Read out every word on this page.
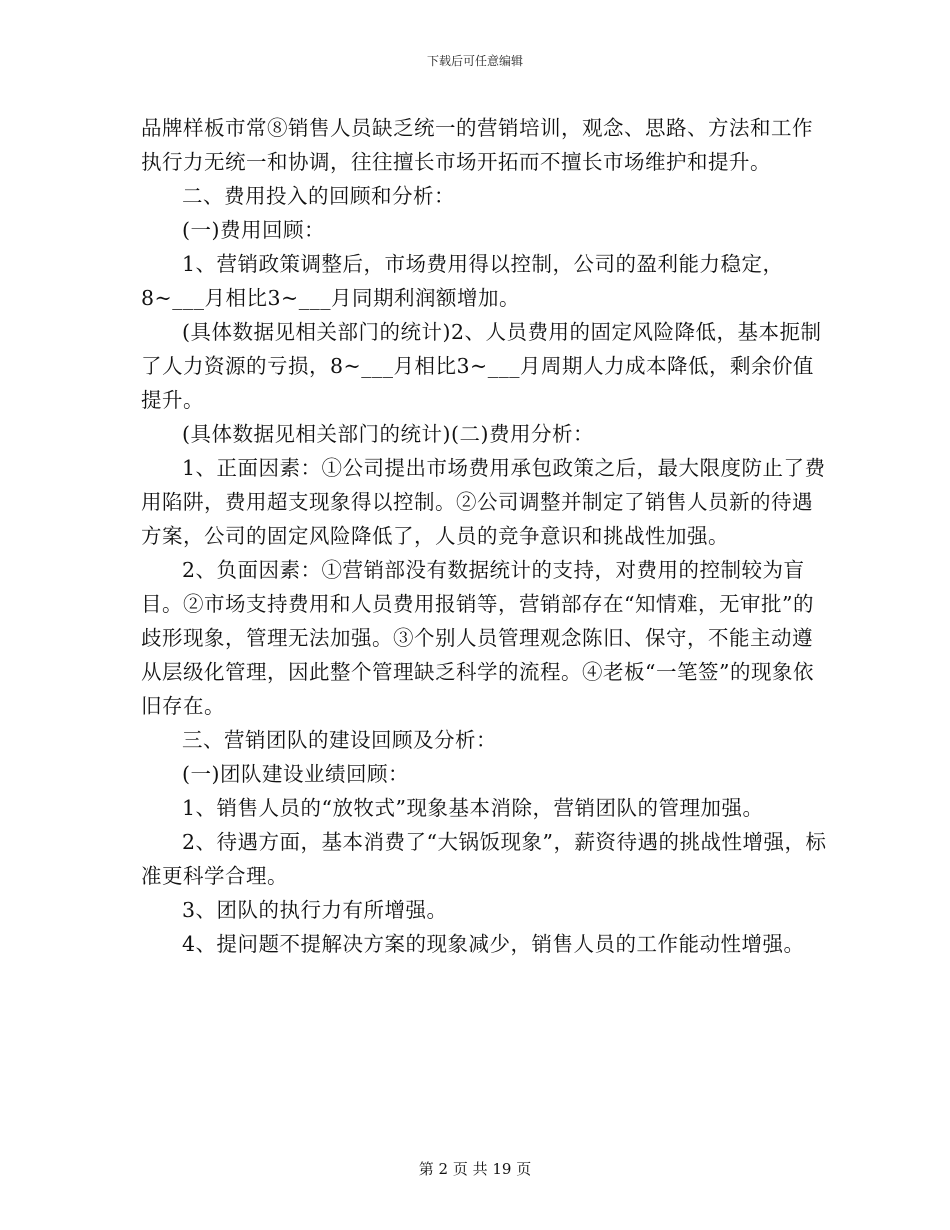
下载后可任意编辑

品牌样板市常⑧销售人员缺乏统一的营销培训，观念、思路、方法和工作执行力无统一和协调，往往擅长市场开拓而不擅长市场维护和提升。

二、费用投入的回顾和分析：

(一)费用回顾：

1、营销政策调整后，市场费用得以控制，公司的盈利能力稳定，8~___月相比3~___月同期利润额增加。

(具体数据见相关部门的统计)2、人员费用的固定风险降低，基本扼制了人力资源的亏损，8~___月相比3~___月周期人力成本降低，剩余价值提升。

(具体数据见相关部门的统计)(二)费用分析：

1、正面因素：①公司提出市场费用承包政策之后，最大限度防止了费用陷阱，费用超支现象得以控制。②公司调整并制定了销售人员新的待遇方案，公司的固定风险降低了，人员的竞争意识和挑战性加强。

2、负面因素：①营销部没有数据统计的支持，对费用的控制较为盲目。②市场支持费用和人员费用报销等，营销部存在“知情难，无审批”的歧形现象，管理无法加强。③个别人员管理观念陈旧、保守，不能主动遵从层级化管理，因此整个管理缺乏科学的流程。④老板“一笔签”的现象依旧存在。

三、营销团队的建设回顾及分析：

(一)团队建设业绩回顾：

1、销售人员的“放牧式”现象基本消除，营销团队的管理加强。

2、待遇方面，基本消费了“大锅饭现象”，薪资待遇的挑战性增强，标准更科学合理。

3、团队的执行力有所增强。

4、提问题不提解决方案的现象减少，销售人员的工作能动性增强。

第 2 页 共 19 页
